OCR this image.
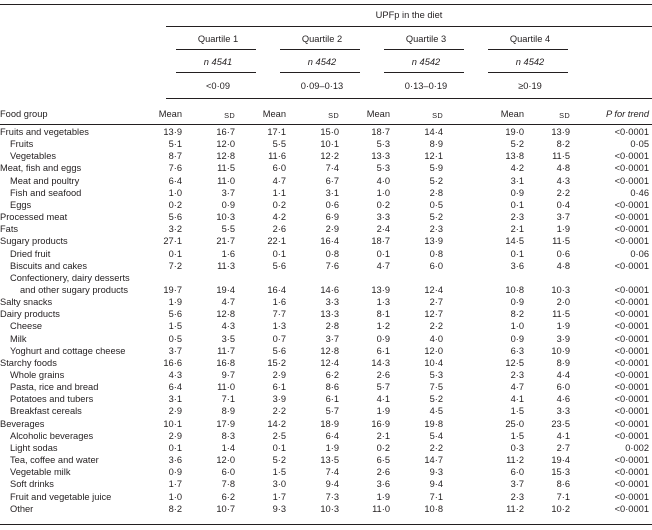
UPFp in the diet
Quartile 1	Quartile 2	Quartile 3	Quartile 4
n 4541	n 4542	n 4542	n 4542
<0·09	0·09–0·13	0·13–0·19	≥0·19
Food group	Mean	SD	Mean	SD	Mean	SD	Mean	SD	P for trend
Fruits and vegetables	13·9	16·7	17·1	15·0	18·7	14·4	19·0	13·9	<0·0001
Fruits	5·1	12·0	5·5	10·1	5·3	8·9	5·2	8·2	0·05
Vegetables	8·7	12·8	11·6	12·2	13·3	12·1	13·8	11·5	<0·0001
Meat, fish and eggs	7·6	11·5	6·0	7·4	5·3	5·9	4·2	4·8	<0·0001
Meat and poultry	6·4	11·0	4·7	6·7	4·0	5·2	3·1	4·3	<0·0001
Fish and seafood	1·0	3·7	1·1	3·1	1·0	2·8	0·9	2·2	0·46
Eggs	0·2	0·9	0·2	0·6	0·2	0·5	0·1	0·4	<0·0001
Processed meat	5·6	10·3	4·2	6·9	3·3	5·2	2·3	3·7	<0·0001
Fats	3·2	5·5	2·6	2·9	2·4	2·3	2·1	1·9	<0·0001
Sugary products	27·1	21·7	22·1	16·4	18·7	13·9	14·5	11·5	<0·0001
Dried fruit	0·1	1·6	0·1	0·8	0·1	0·8	0·1	0·6	0·06
Biscuits and cakes	7·2	11·3	5·6	7·6	4·7	6·0	3·6	4·8	<0·0001
Confectionery, dairy desserts
and other sugary products	19·7	19·4	16·4	14·6	13·9	12·4	10·8	10·3	<0·0001
Salty snacks	1·9	4·7	1·6	3·3	1·3	2·7	0·9	2·0	<0·0001
Dairy products	5·6	12·8	7·7	13·3	8·1	12·7	8·2	11·5	<0·0001
Cheese	1·5	4·3	1·3	2·8	1·2	2·2	1·0	1·9	<0·0001
Milk	0·5	3·5	0·7	3·7	0·9	4·0	0·9	3·9	<0·0001
Yoghurt and cottage cheese	3·7	11·7	5·6	12·8	6·1	12·0	6·3	10·9	<0·0001
Starchy foods	16·6	16·8	15·2	12·4	14·3	10·4	12·5	8·9	<0·0001
Whole grains	4·3	9·7	2·9	6·2	2·6	5·3	2·3	4·4	<0·0001
Pasta, rice and bread	6·4	11·0	6·1	8·6	5·7	7·5	4·7	6·0	<0·0001
Potatoes and tubers	3·1	7·1	3·9	6·1	4·1	5·2	4·1	4·6	<0·0001
Breakfast cereals	2·9	8·9	2·2	5·7	1·9	4·5	1·5	3·3	<0·0001
Beverages	10·1	17·9	14·2	18·9	16·9	19·8	25·0	23·5	<0·0001
Alcoholic beverages	2·9	8·3	2·5	6·4	2·1	5·4	1·5	4·1	<0·0001
Light sodas	0·1	1·4	0·1	1·9	0·2	2·2	0·3	2·7	0·002
Tea, coffee and water	3·6	12·0	5·2	13·5	6·5	14·7	11·2	19·4	<0·0001
Vegetable milk	0·9	6·0	1·5	7·4	2·6	9·3	6·0	15·3	<0·0001
Soft drinks	1·7	7·8	3·0	9·4	3·6	9·4	3·7	8·6	<0·0001
Fruit and vegetable juice	1·0	6·2	1·7	7·3	1·9	7·1	2·3	7·1	<0·0001
Other	8·2	10·7	9·3	10·3	11·0	10·8	11·2	10·2	<0·0001
